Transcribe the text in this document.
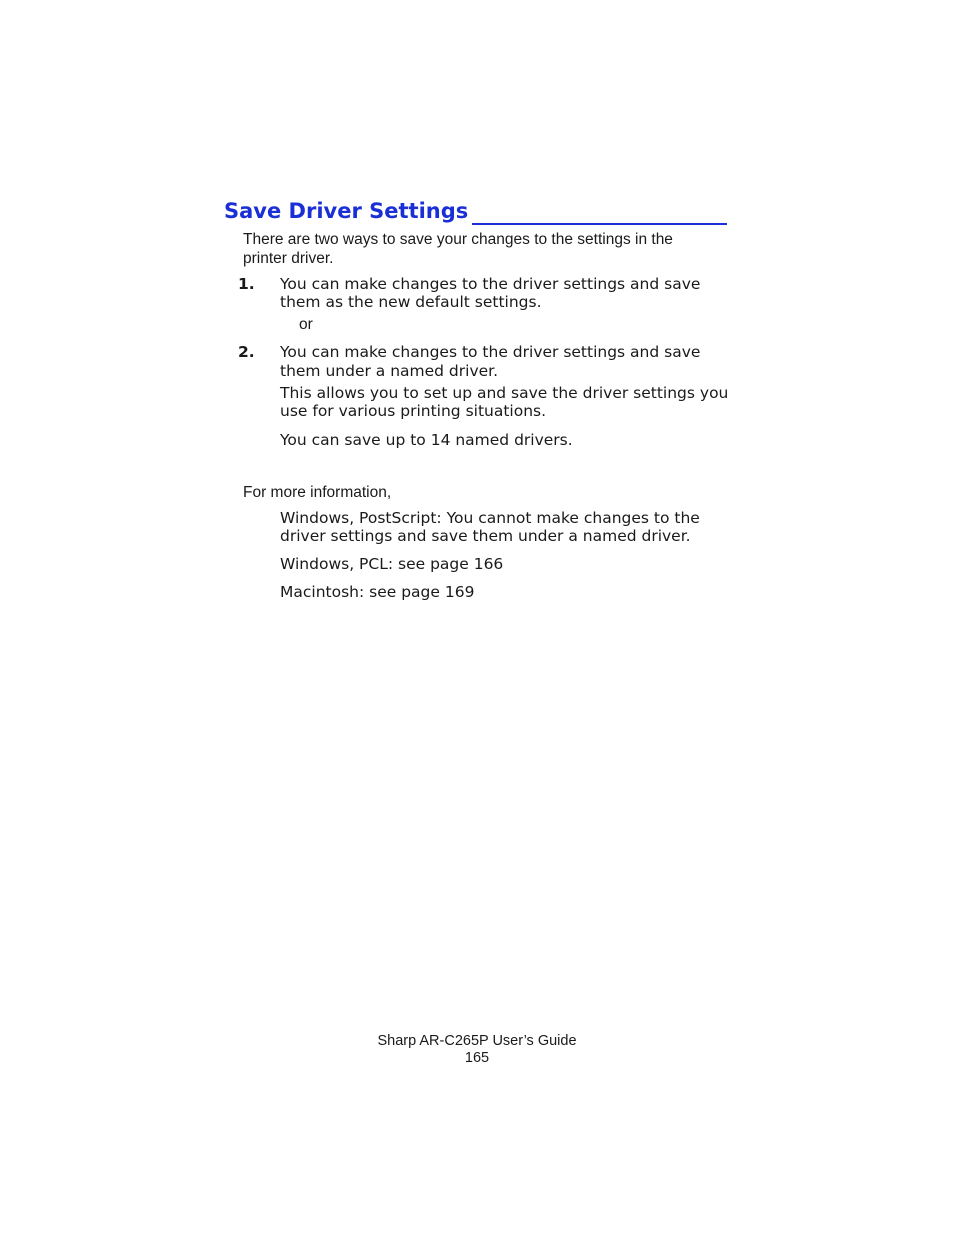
Save Driver Settings
There are two ways to save your changes to the settings in the
printer driver.
1. You can make changes to the driver settings and save
them as the new default settings.
or
2. You can make changes to the driver settings and save
them under a named driver.
This allows you to set up and save the driver settings you
use for various printing situations.
You can save up to 14 named drivers.
For more information,
Windows, PostScript: You cannot make changes to the
driver settings and save them under a named driver.
Windows, PCL: see page 166
Macintosh: see page 169
Sharp AR-C265P User’s Guide
165
